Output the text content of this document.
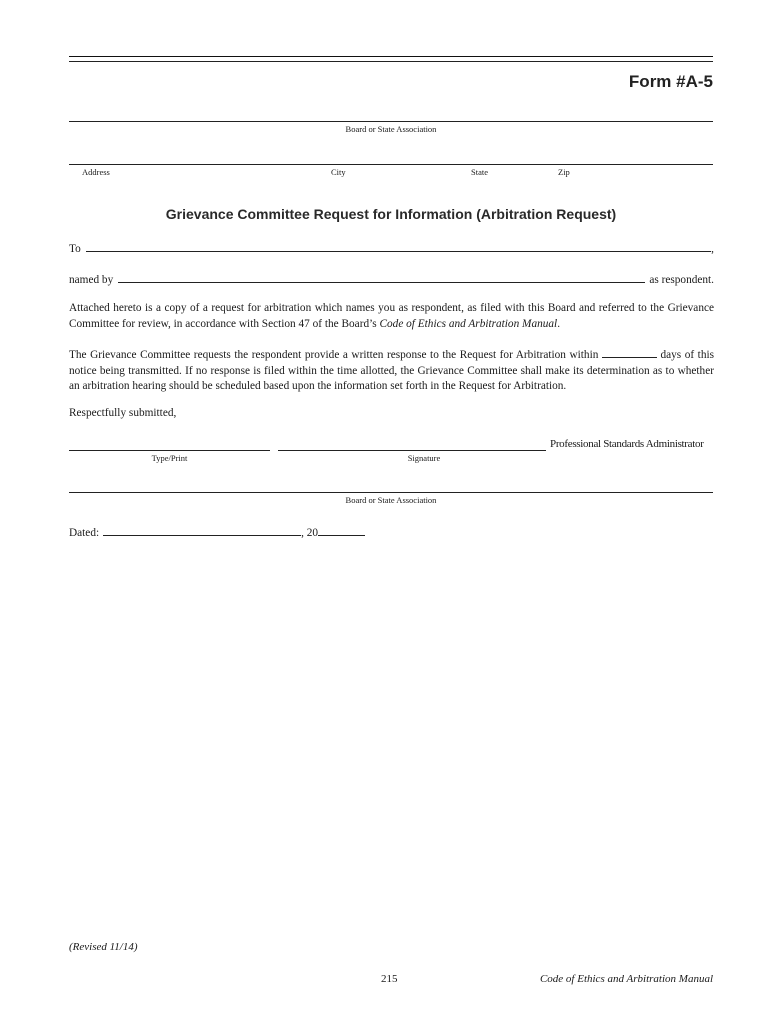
Form #A-5
Board or State Association
Address	City	State	Zip
Grievance Committee Request for Information (Arbitration Request)
To	,
named by	as respondent.
Attached hereto is a copy of a request for arbitration which names you as respondent, as filed with this Board and referred to the Grievance Committee for review, in accordance with Section 47 of the Board’s Code of Ethics and Arbitration Manual.
The Grievance Committee requests the respondent provide a written response to the Request for Arbitration within	days of this notice being transmitted. If no response is filed within the time allotted, the Grievance Committee shall make its determination as to whether an arbitration hearing should be scheduled based upon the information set forth in the Request for Arbitration.
Respectfully submitted,
Professional Standards Administrator
Type/Print	Signature
Board or State Association
Dated:	, 20
(Revised 11/14)
215	Code of Ethics and Arbitration Manual
